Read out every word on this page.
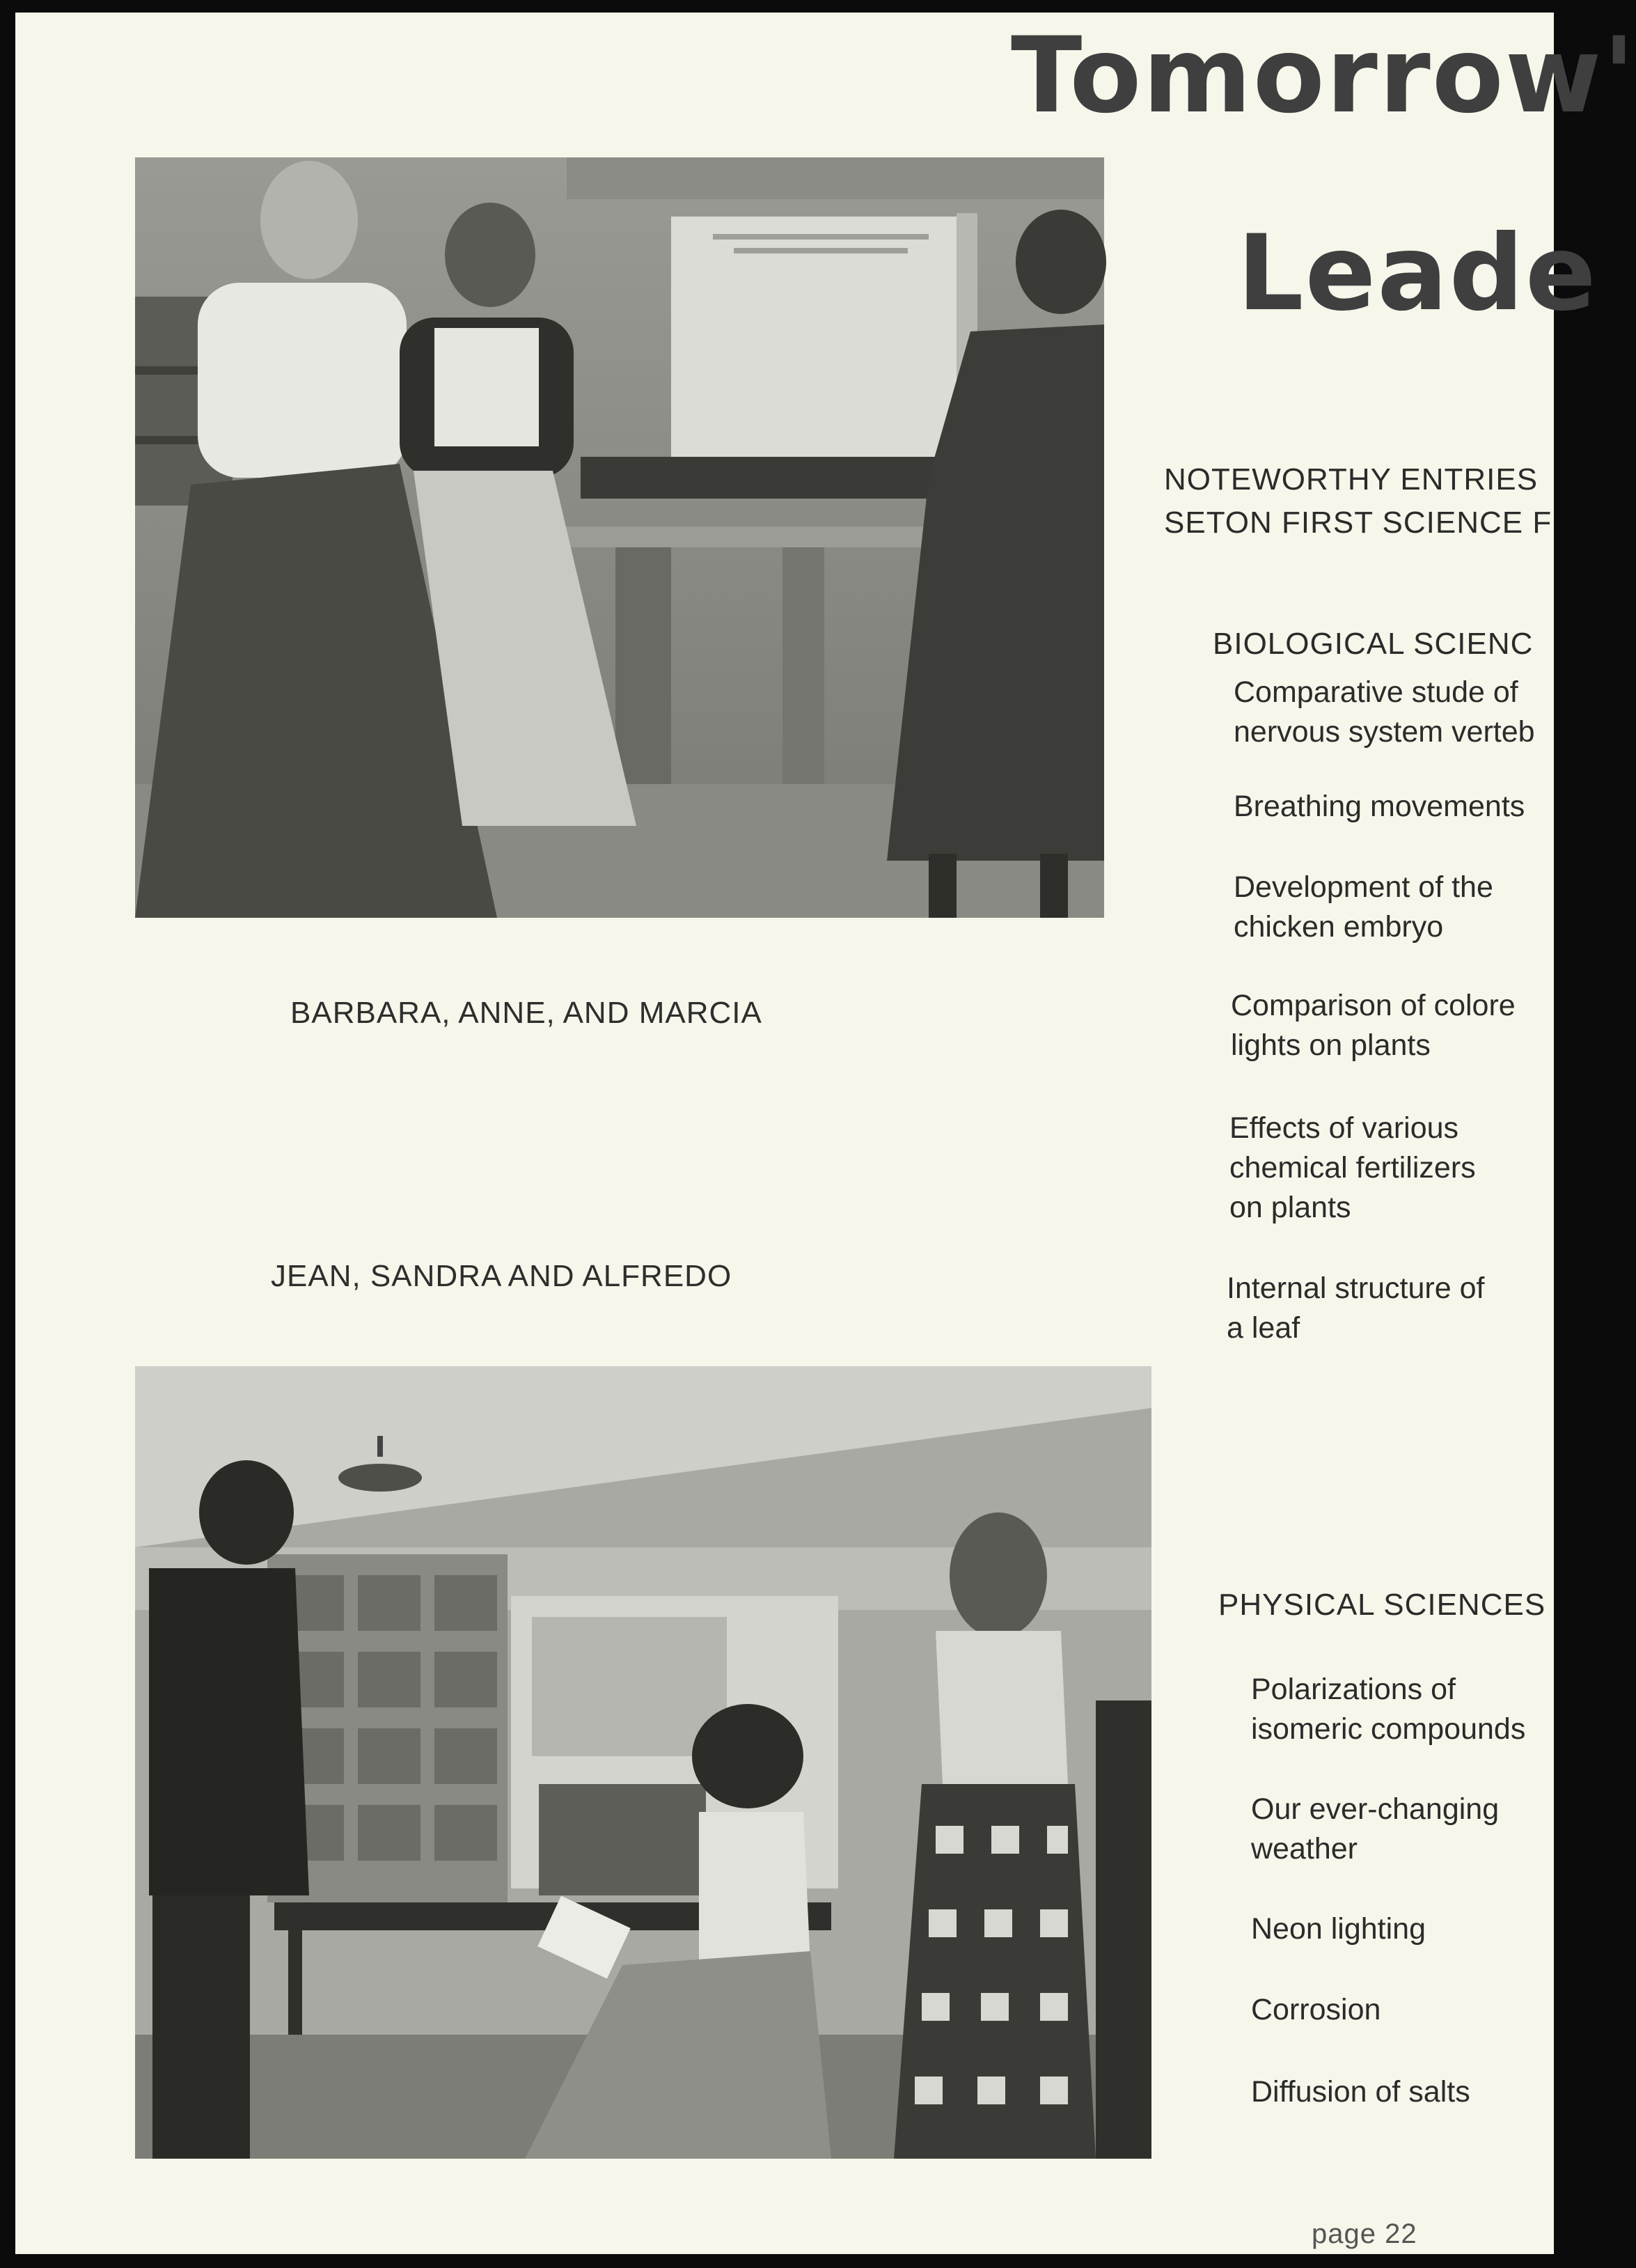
Tomorrow'
Leade
BARBARA, ANNE, AND MARCIA
JEAN, SANDRA AND ALFREDO
NOTEWORTHY ENTRIES
SETON FIRST SCIENCE F
BIOLOGICAL SCIENC
Comparative stude of
nervous system verteb
Breathing movements
Development of the
chicken embryo
Comparison of colore
lights on plants
Effects of various
chemical fertilizers
on plants
Internal structure of
a leaf
PHYSICAL SCIENCES
Polarizations of
isomeric compounds
Our ever-changing
weather
Neon lighting
Corrosion
Diffusion of salts
page 22
